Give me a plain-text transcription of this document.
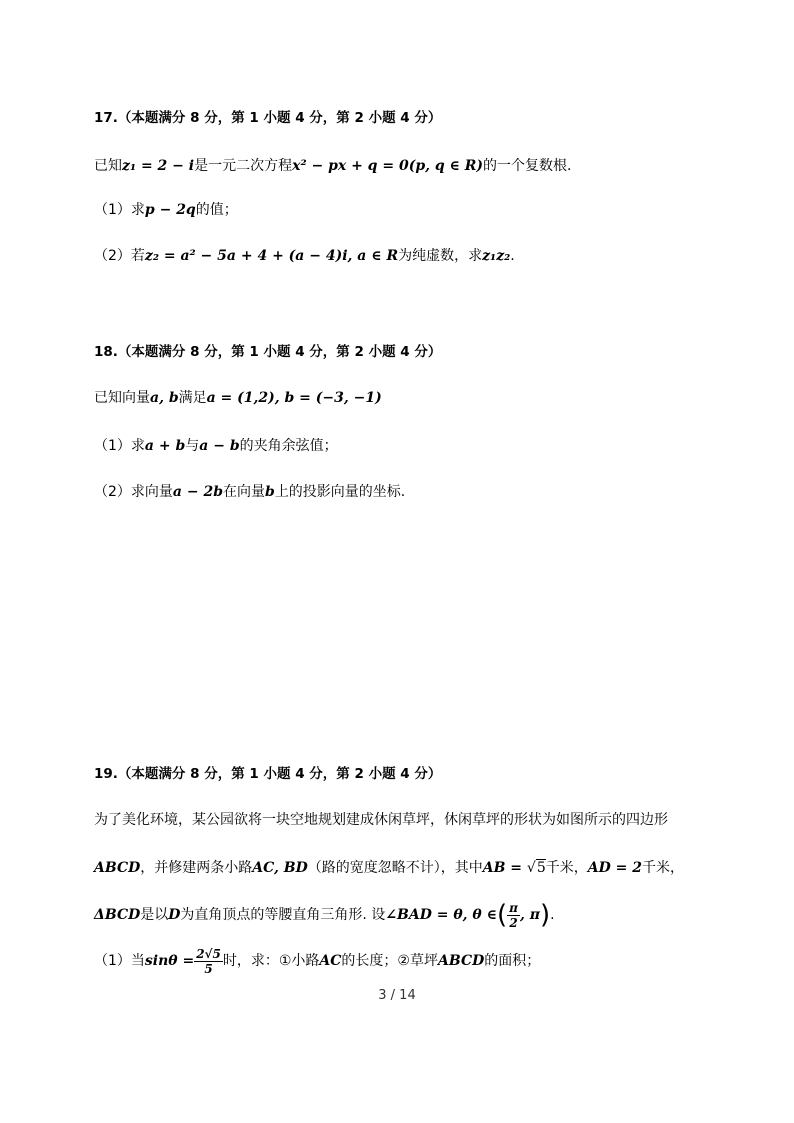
17.（本题满分 8 分，第 1 小题 4 分，第 2 小题 4 分）
已知z₁ = 2 − i是一元二次方程x² − px + q = 0(p, q ∈ R)的一个复数根.
（1）求p − 2q的值；
（2）若z₂ = a² − 5a + 4 + (a − 4)i, a ∈ R为纯虚数，求z₁z₂.
18.（本题满分 8 分，第 1 小题 4 分，第 2 小题 4 分）
已知向量a, b满足a = (1,2), b = (−3, −1)
（1）求a + b与a − b的夹角余弦值；
（2）求向量a − 2b在向量b上的投影向量的坐标.
19.（本题满分 8 分，第 1 小题 4 分，第 2 小题 4 分）
为了美化环境，某公园欲将一块空地规划建成休闲草坪，休闲草坪的形状为如图所示的四边形
ABCD，并修建两条小路AC, BD（路的宽度忽略不计），其中AB = √5千米，AD = 2千米，
ΔBCD是以D为直角顶点的等腰直角三角形. 设∠BAD = θ, θ ∈( $\frac{\pi}{2}$ , π).
（1）当$\sin\theta = \frac{2√5}{5}$ 时，求：①小路AC的长度；②草坪ABCD的面积；
3 / 14
